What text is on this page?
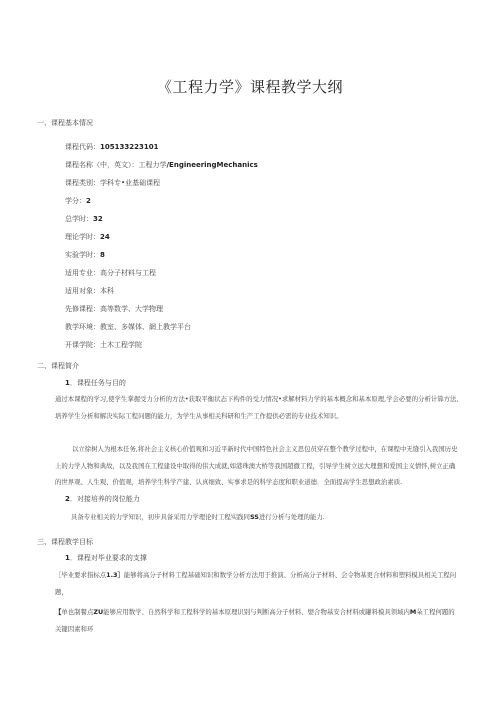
《工程力学》课程教学大纲
一、课程基本情况
课程代码：105133223101
课程名称（中，英文）：工程力学/EngineeringMechanics
课程类别：学科专•业基础课程
学分：2
总学时：32
理论学时：24
实验学时：8
适用专业：高分子材料与工程
适用对象：本科
先修课程：高等数学、大学物理
教学环境：教室、多媒体、網上教学平台
开课学院：土木工程学院
二、课程简介
1．课程任务与目的

通过本课程的学习,使学生掌握受力分析的方法•获取平衡状态下构件的受力情况•求解材料力学的基本概念和基本原理,学会必要的分析计算方法,培养学生分析和解决实际工程问题的能力，为学生从事相关科研和生产工作提供必需的专业技术知识。

以立徐树人为根本任务,将社会主义核心价值观和习近平新时代中国特色社会主义思包员穿在整个教学过程中，在课程中无缝引入我国历史上的力学人物和典故，以及我国在工程建设中取得的伟大成就,如港珠澳大桥等我国超徹工程，引导学生树立远大理想和爱国主义情怀,树立正确的世界观、人生观、价值观，培养学生科学产建、认真细致、实事求是的科学态度和职业道德．全面提高学生思想政治素质.

2．对接培养的岗位能力

具备专业相关的力学知识，初步具备采用力学理论时工程实践同SS进行分析与处理的能力.

三、课程教学目标
1．课程对毕业要求的支撑

［毕业要求指标点1.3］能够将高分子材料工程基础知识和数学分析方法用于推演、分析高分子材料、会令物基更合材料和塑料模具相关工程问题，

【单也制餐点ZU能够应用数学、自然科学和工程科学的基本原理识别与判断高分子材料、嬖合物基安合材料或罐料模具领域内M朵工程何題的关键因素和环
